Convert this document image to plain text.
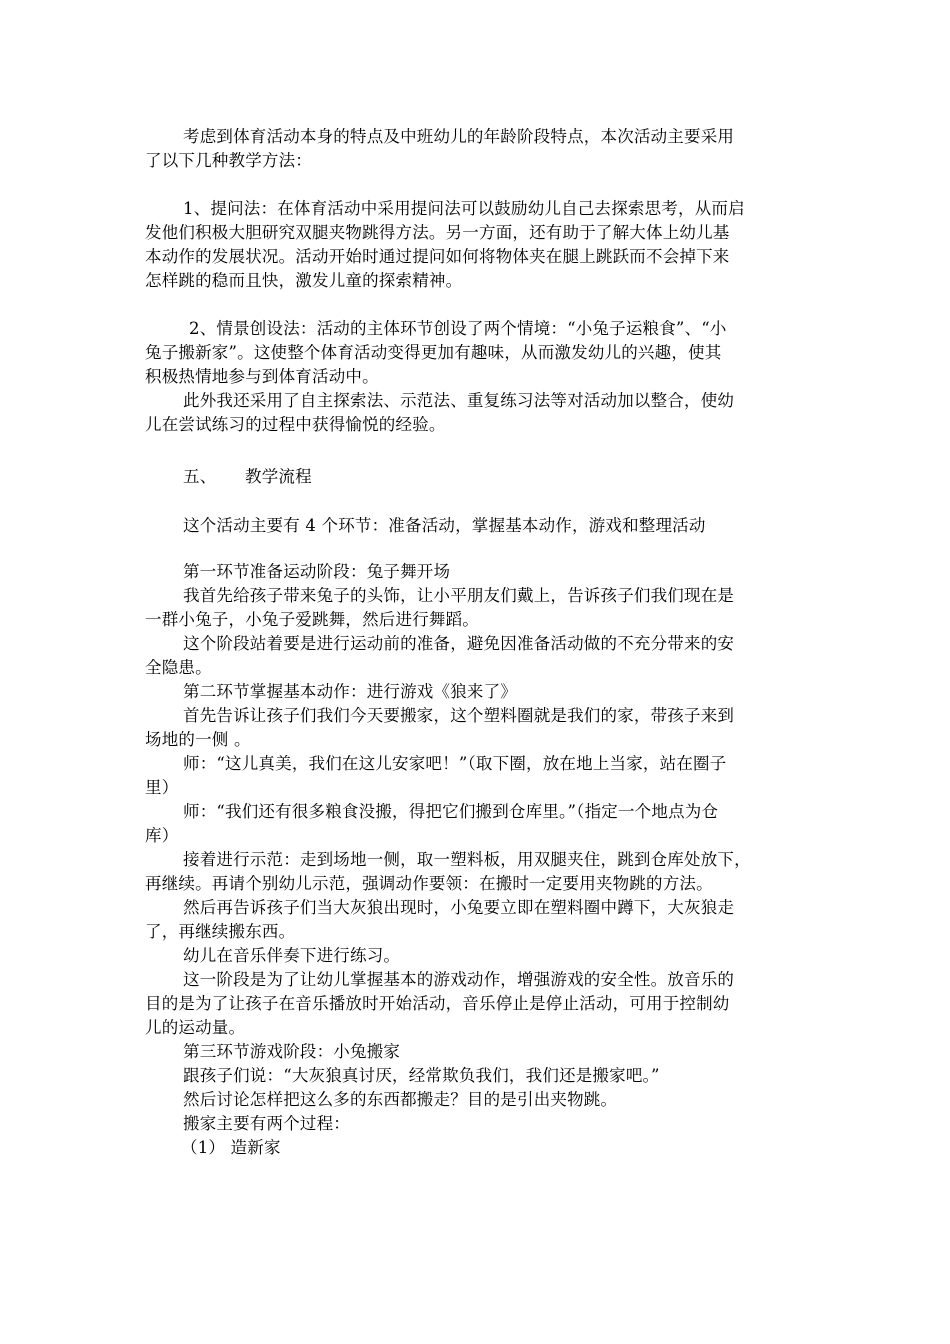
考虑到体育活动本身的特点及中班幼儿的年龄阶段特点，本次活动主要采用
了以下几种教学方法：
1、提问法：在体育活动中采用提问法可以鼓励幼儿自己去探索思考，从而启
发他们积极大胆研究双腿夹物跳得方法。另一方面，还有助于了解大体上幼儿基
本动作的发展状况。活动开始时通过提问如何将物体夹在腿上跳跃而不会掉下来
怎样跳的稳而且快，激发儿童的探索精神。
2、情景创设法：活动的主体环节创设了两个情境：“小兔子运粮食”、“小
兔子搬新家”。这使整个体育活动变得更加有趣味，从而激发幼儿的兴趣，使其
积极热情地参与到体育活动中。
此外我还采用了自主探索法、示范法、重复练习法等对活动加以整合，使幼
儿在尝试练习的过程中获得愉悦的经验。
五、	教学流程
这个活动主要有 4 个环节：准备活动，掌握基本动作，游戏和整理活动
第一环节准备运动阶段：兔子舞开场
我首先给孩子带来兔子的头饰，让小平朋友们戴上，告诉孩子们我们现在是
一群小兔子，小兔子爱跳舞，然后进行舞蹈。
这个阶段站着要是进行运动前的准备，避免因准备活动做的不充分带来的安
全隐患。
第二环节掌握基本动作：进行游戏《狼来了》
首先告诉让孩子们我们今天要搬家，这个塑料圈就是我们的家，带孩子来到
场地的一侧 。
师：“这儿真美，我们在这儿安家吧！”（取下圈，放在地上当家，站在圈子
里）
师：“我们还有很多粮食没搬，得把它们搬到仓库里。”（指定一个地点为仓
库）
接着进行示范：走到场地一侧，取一塑料板，用双腿夹住，跳到仓库处放下，
再继续。再请个别幼儿示范，强调动作要领：在搬时一定要用夹物跳的方法。
然后再告诉孩子们当大灰狼出现时，小兔要立即在塑料圈中蹲下，大灰狼走
了，再继续搬东西。
幼儿在音乐伴奏下进行练习。
这一阶段是为了让幼儿掌握基本的游戏动作，增强游戏的安全性。放音乐的
目的是为了让孩子在音乐播放时开始活动，音乐停止是停止活动，可用于控制幼
儿的运动量。
第三环节游戏阶段：小兔搬家
跟孩子们说：“大灰狼真讨厌，经常欺负我们，我们还是搬家吧。”
然后讨论怎样把这么多的东西都搬走？目的是引出夹物跳。
搬家主要有两个过程：
（1） 造新家
